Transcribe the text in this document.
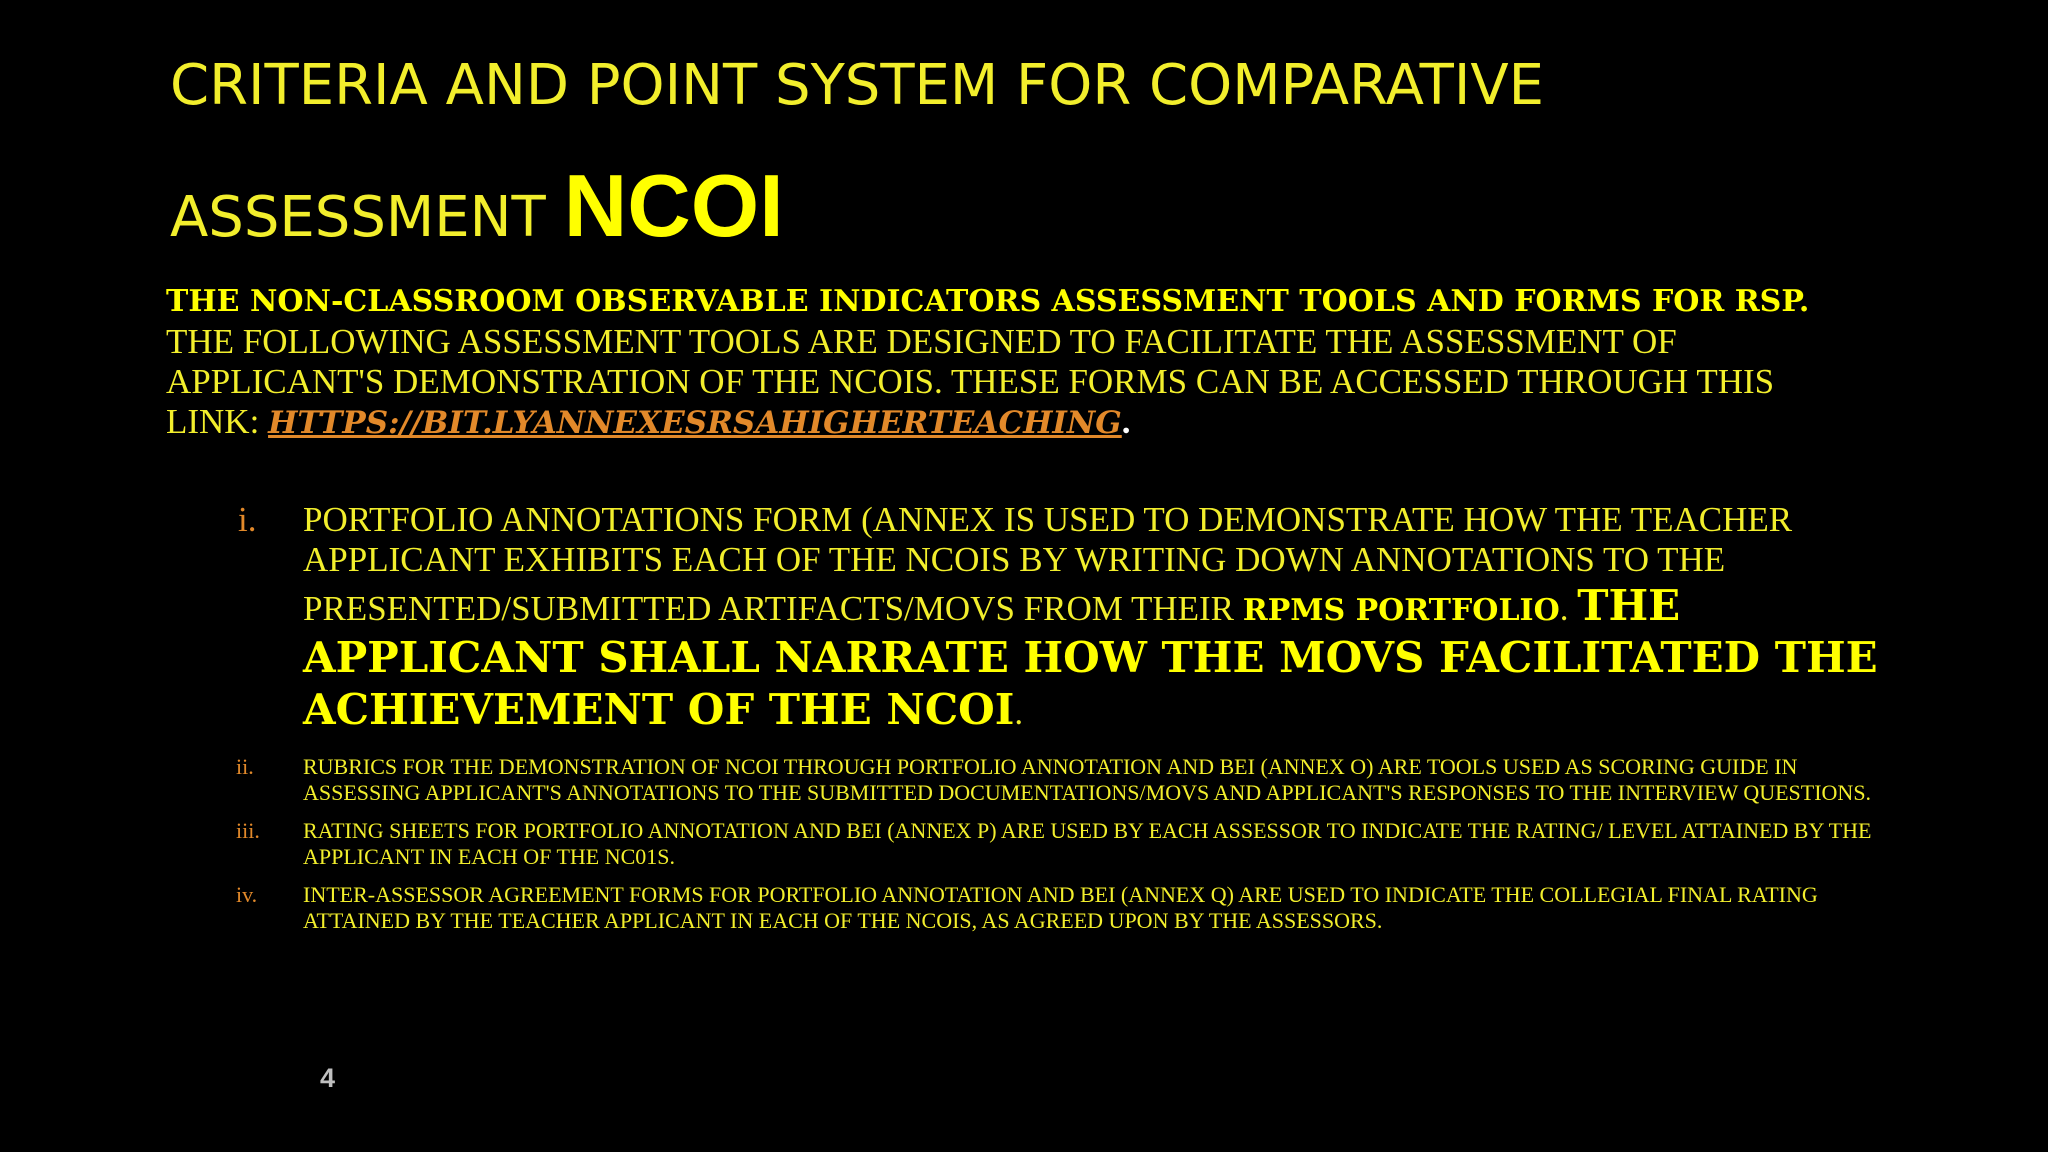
CRITERIA AND POINT SYSTEM FOR COMPARATIVE
ASSESSMENT NCOI
THE NON-CLASSROOM OBSERVABLE INDICATORS ASSESSMENT TOOLS AND FORMS FOR RSP. THE FOLLOWING ASSESSMENT TOOLS ARE DESIGNED TO FACILITATE THE ASSESSMENT OF APPLICANT'S DEMONSTRATION OF THE NCOIS. THESE FORMS CAN BE ACCESSED THROUGH THIS LINK: HTTPS://BIT.LYANNEXESRSAHIGHERTEACHING.
i.	PORTFOLIO ANNOTATIONS FORM (ANNEX IS USED TO DEMONSTRATE HOW THE TEACHER APPLICANT EXHIBITS EACH OF THE NCOIS BY WRITING DOWN ANNOTATIONS TO THE PRESENTED/SUBMITTED ARTIFACTS/MOVS FROM THEIR RPMS PORTFOLIO. THE APPLICANT SHALL NARRATE HOW THE MOVS FACILITATED THE ACHIEVEMENT OF THE NCOI.
ii.	RUBRICS FOR THE DEMONSTRATION OF NCOI THROUGH PORTFOLIO ANNOTATION AND BEI (ANNEX O) ARE TOOLS USED AS SCORING GUIDE IN ASSESSING APPLICANT'S ANNOTATIONS TO THE SUBMITTED DOCUMENTATIONS/MOVS AND APPLICANT'S RESPONSES TO THE INTERVIEW QUESTIONS.
iii.	RATING SHEETS FOR PORTFOLIO ANNOTATION AND BEI (ANNEX P) ARE USED BY EACH ASSESSOR TO INDICATE THE RATING/ LEVEL ATTAINED BY THE APPLICANT IN EACH OF THE NC01S.
iv.	INTER-ASSESSOR AGREEMENT FORMS FOR PORTFOLIO ANNOTATION AND BEI (ANNEX Q) ARE USED TO INDICATE THE COLLEGIAL FINAL RATING ATTAINED BY THE TEACHER APPLICANT IN EACH OF THE NCOIS, AS AGREED UPON BY THE ASSESSORS.
4
